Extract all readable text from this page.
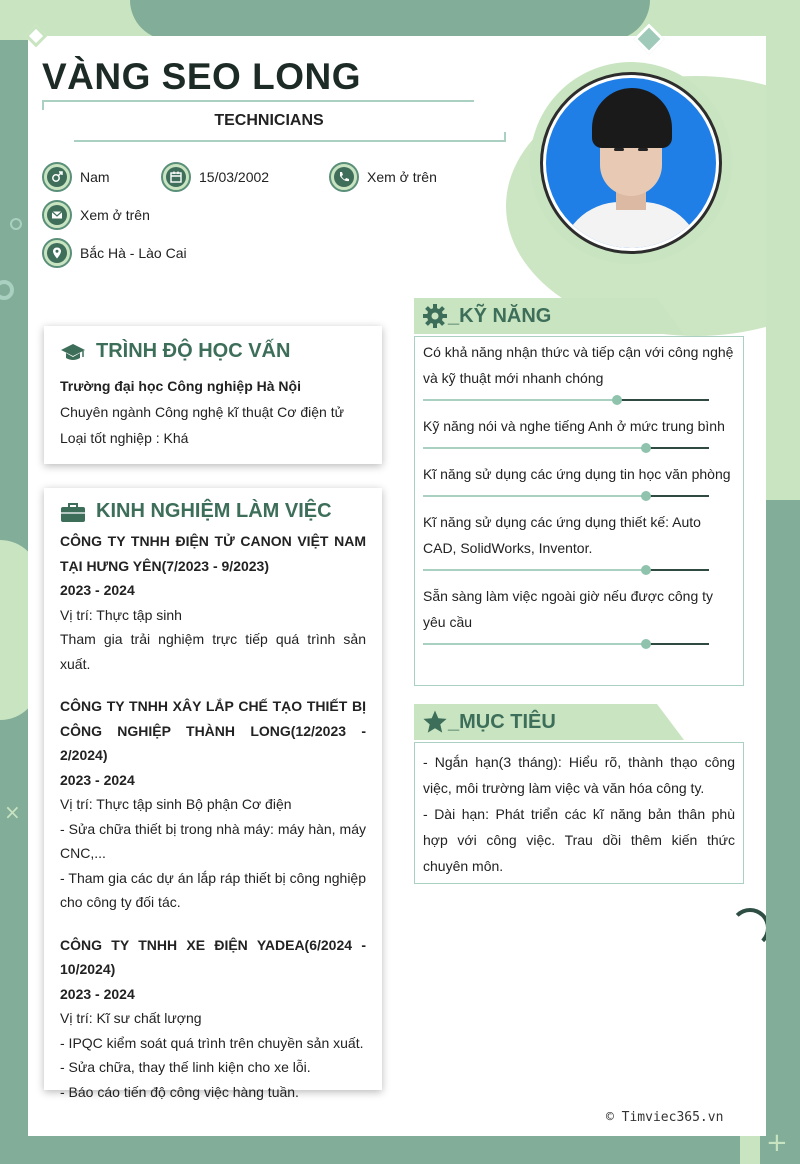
+
×
VÀNG SEO LONG
TECHNICIANS
Nam	15/03/2002	Xem ở trên
Xem ở trên
Bắc Hà - Lào Cai
TRÌNH ĐỘ HỌC VẤN
Trường đại học Công nghiệp Hà Nội
Chuyên ngành Công nghệ kĩ thuật Cơ điện tử
Loại tốt nghiệp : Khá
KINH NGHIỆM LÀM VIỆC
CÔNG TY TNHH ĐIỆN TỬ CANON VIỆT NAM TẠI HƯNG YÊN(7/2023 - 9/2023)
2023 - 2024
Vị trí: Thực tập sinh
Tham gia trải nghiệm trực tiếp quá trình sản xuất.
CÔNG TY TNHH XÂY LẮP CHẾ TẠO THIẾT BỊ CÔNG NGHIỆP THÀNH LONG(12/2023 - 2/2024)
2023 - 2024
Vị trí: Thực tập sinh Bộ phận Cơ điện
- Sửa chữa thiết bị trong nhà máy: máy hàn, máy CNC,...
- Tham gia các dự án lắp ráp thiết bị công nghiệp cho công ty đối tác.
CÔNG TY TNHH XE ĐIỆN YADEA(6/2024 - 10/2024)
2023 - 2024
Vị trí: Kĩ sư chất lượng
- IPQC kiểm soát quá trình trên chuyền sản xuất.
- Sửa chữa, thay thế linh kiện cho xe lỗi.
- Báo cáo tiến độ công việc hàng tuần.
_KỸ NĂNG
Có khả năng nhận thức và tiếp cận với công nghệ và kỹ thuật mới nhanh chóng
Kỹ năng nói và nghe tiếng Anh ở mức trung bình
Kĩ năng sử dụng các ứng dụng tin học văn phòng
Kĩ năng sử dụng các ứng dụng thiết kế: Auto CAD, SolidWorks, Inventor.
Sẵn sàng làm việc ngoài giờ nếu được công ty yêu cầu
_MỤC TIÊU
- Ngắn hạn(3 tháng): Hiểu rõ, thành thạo công việc, môi trường làm việc và văn hóa công ty.
- Dài hạn: Phát triển các kĩ năng bản thân phù hợp với công việc. Trau dồi thêm kiến thức chuyên môn.
© Timviec365.vn
